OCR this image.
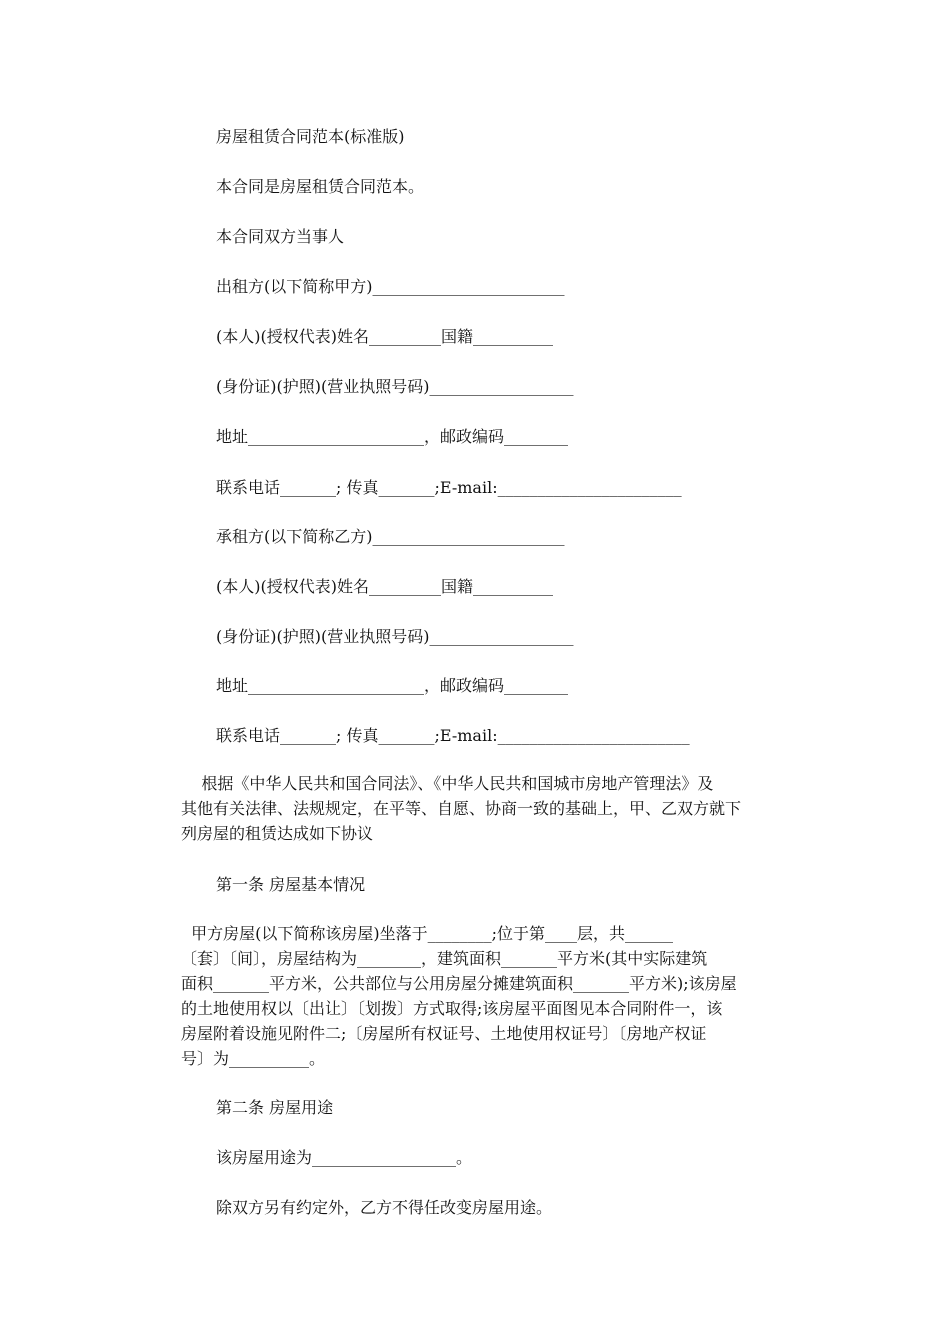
房屋租赁合同范本(标准版)
本合同是房屋租赁合同范本。
本合同双方当事人
出租方(以下简称甲方)________________________
(本人)(授权代表)姓名_________国籍__________
(身份证)(护照)(营业执照号码)__________________
地址______________________，邮政编码________
联系电话_______; 传真_______;E-mail:_______________________
承租方(以下简称乙方)________________________
(本人)(授权代表)姓名_________国籍__________
(身份证)(护照)(营业执照号码)__________________
地址______________________，邮政编码________
联系电话_______; 传真_______;E-mail:________________________
根据《中华人民共和国合同法》、《中华人民共和国城市房地产管理法》及
其他有关法律、法规规定，在平等、自愿、协商一致的基础上，甲、乙双方就下
列房屋的租赁达成如下协议
第一条 房屋基本情况
甲方房屋(以下简称该房屋)坐落于________;位于第____层，共______
〔套〕〔间〕，房屋结构为________，建筑面积_______平方米(其中实际建筑
面积_______平方米，公共部位与公用房屋分摊建筑面积_______平方米);该房屋
的土地使用权以〔出让〕〔划拨〕方式取得;该房屋平面图见本合同附件一，该
房屋附着设施见附件二;〔房屋所有权证号、土地使用权证号〕〔房地产权证
号〕为__________。
第二条 房屋用途
该房屋用途为__________________。
除双方另有约定外，乙方不得任改变房屋用途。
